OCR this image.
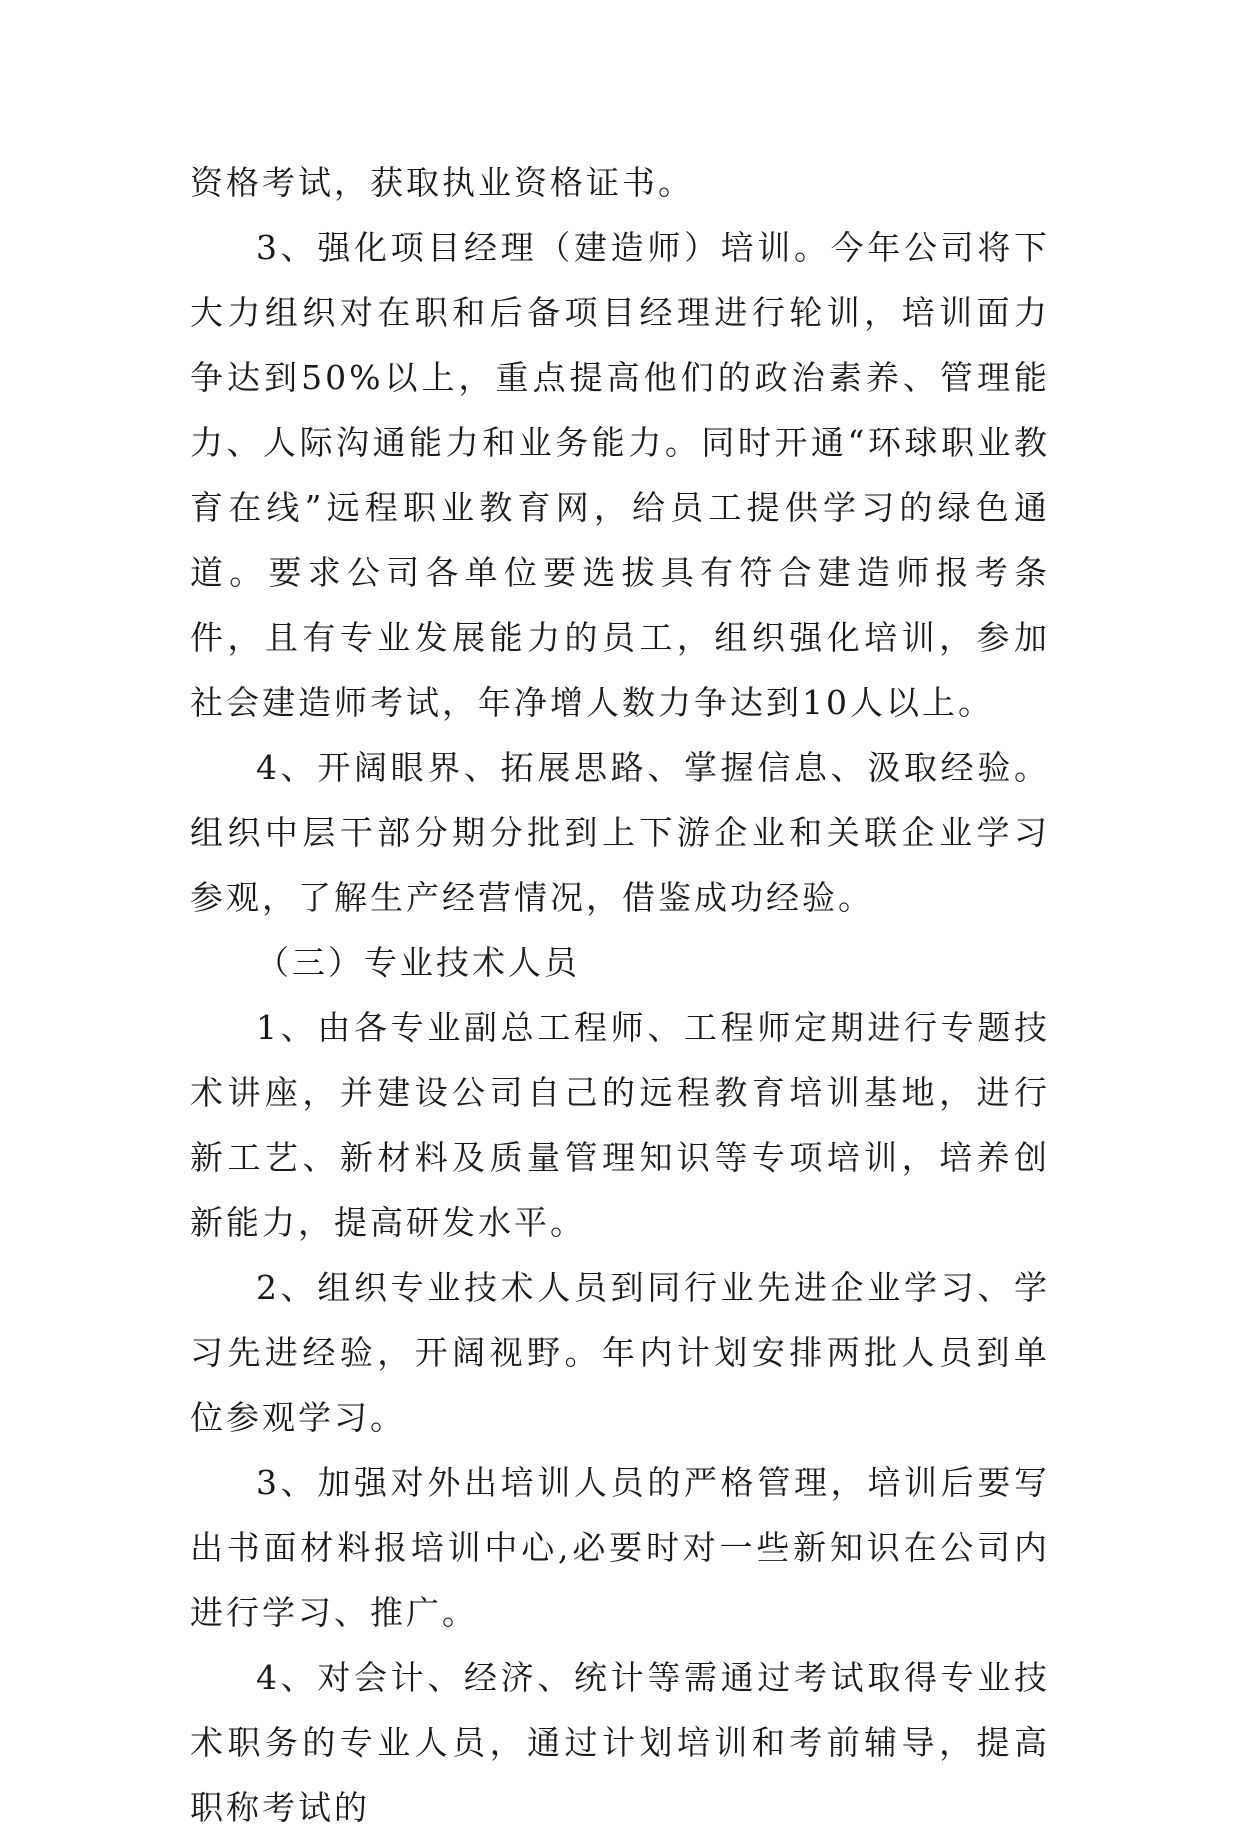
资格考试，获取执业资格证书。

3、强化项目经理（建造师）培训。今年公司将下大力组织对在职和后备项目经理进行轮训，培训面力争达到50%以上，重点提高他们的政治素养、管理能力、人际沟通能力和业务能力。同时开通“环球职业教育在线”远程职业教育网，给员工提供学习的绿色通道。要求公司各单位要选拔具有符合建造师报考条件，且有专业发展能力的员工，组织强化培训，参加社会建造师考试，年净增人数力争达到10人以上。

4、开阔眼界、拓展思路、掌握信息、汲取经验。组织中层干部分期分批到上下游企业和关联企业学习参观，了解生产经营情况，借鉴成功经验。

（三）专业技术人员

1、由各专业副总工程师、工程师定期进行专题技术讲座，并建设公司自己的远程教育培训基地，进行新工艺、新材料及质量管理知识等专项培训，培养创新能力，提高研发水平。

2、组织专业技术人员到同行业先进企业学习、学习先进经验，开阔视野。年内计划安排两批人员到单位参观学习。

3、加强对外出培训人员的严格管理，培训后要写出书面材料报培训中心,必要时对一些新知识在公司内进行学习、推广。

4、对会计、经济、统计等需通过考试取得专业技术职务的专业人员，通过计划培训和考前辅导，提高职称考试的
